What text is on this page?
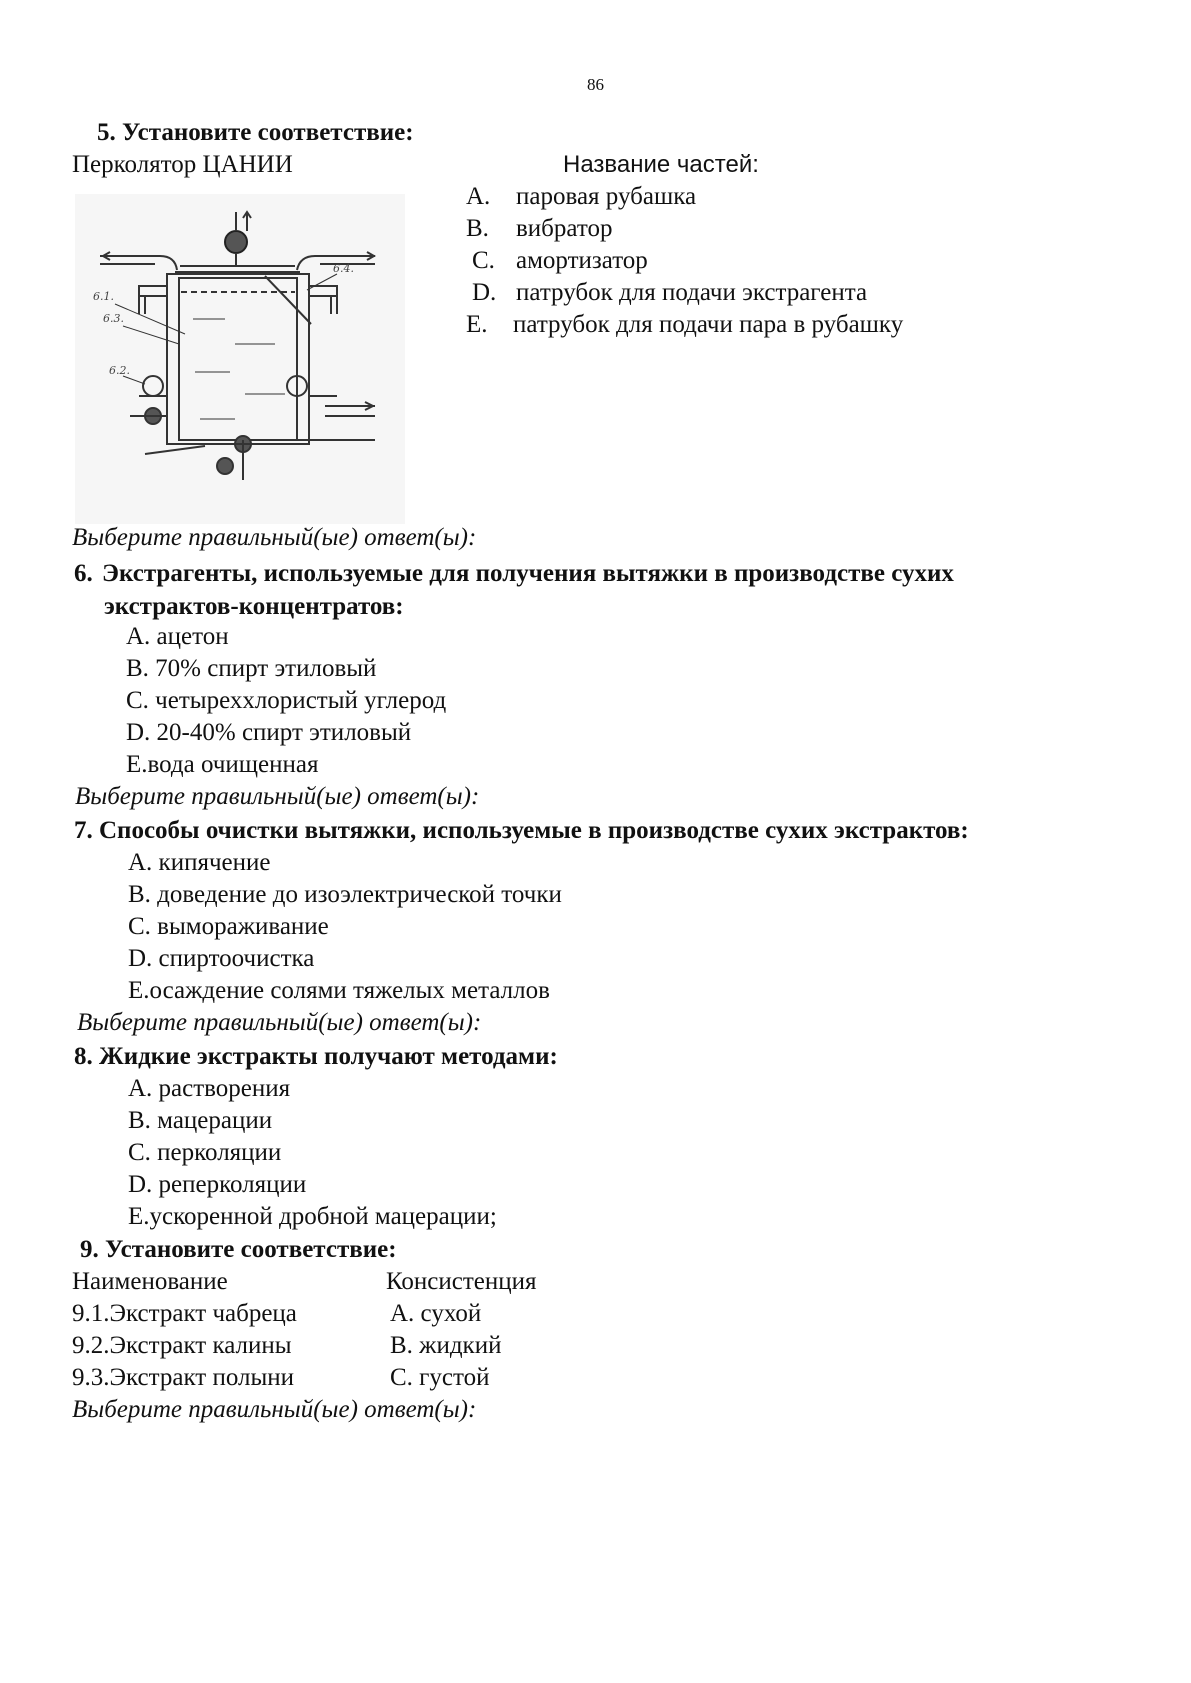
86
5. Установите соответствие:
Перколятор ЦАНИИ	Название частей:
6.1.
6.3.
6.4.
6.2.
A. паровая рубашка
B. вибратор
C. амортизатор
D. патрубок для подачи экстрагента
E. патрубок для подачи пара в рубашку
Выберите правильный(ые) ответ(ы):
6. Экстрагенты, используемые для получения вытяжки в производстве сухих
экстрактов-концентратов:
A. ацетон
B. 70% спирт этиловый
C. четыреххлористый углерод
D. 20-40% спирт этиловый
E.вода очищенная
Выберите правильный(ые) ответ(ы):
7. Способы очистки вытяжки, используемые в производстве сухих экстрактов:
A. кипячение
B. доведение до изоэлектрической точки
C. вымораживание
D. спиртоочистка
E.осаждение солями тяжелых металлов
Выберите правильный(ые) ответ(ы):
8. Жидкие экстракты получают методами:
A. растворения
B. мацерации
C. перколяции
D. реперколяции
E.ускоренной дробной мацерации;
9. Установите соответствие:
Наименование	Консистенция
9.1.Экстракт чабреца	A. сухой
9.2.Экстракт калины	B. жидкий
9.3.Экстракт полыни	C. густой
Выберите правильный(ые) ответ(ы):
